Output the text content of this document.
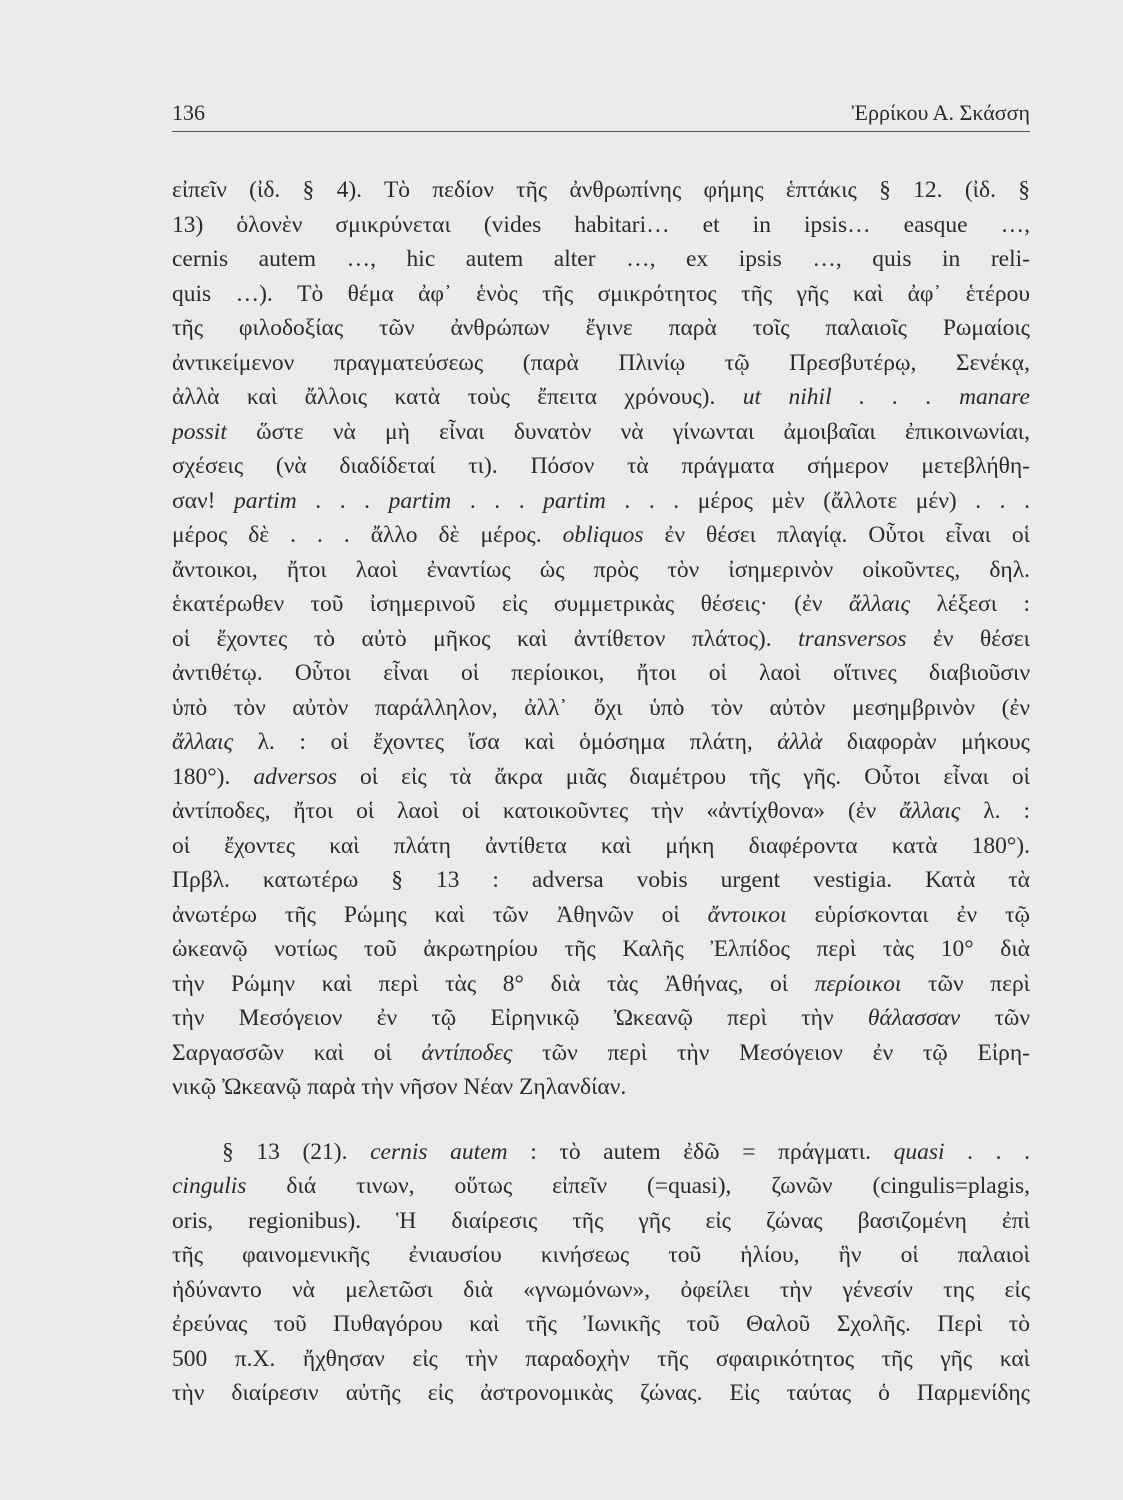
136	Ἐρρίκου Α. Σκάσση
εἰπεῖν (ἰδ. § 4). Τὸ πεδίον τῆς ἀνθρωπίνης φήμης ἑπτάκις § 12. (ἰδ. §
13) ὁλονὲν σμικρύνεται (vides habitari… et in ipsis… easque …,
cernis autem …, hic autem alter …, ex ipsis …, quis in reli-
quis …). Τὸ θέμα ἀφ᾽ ἑνὸς τῆς σμικρότητος τῆς γῆς καὶ ἀφ᾽ ἑτέρου
τῆς φιλοδοξίας τῶν ἀνθρώπων ἔγινε παρὰ τοῖς παλαιοῖς Ρωμαίοις
ἀντικείμενον πραγματεύσεως (παρὰ Πλινίῳ τῷ Πρεσβυτέρῳ, Σενέκᾳ,
ἀλλὰ καὶ ἄλλοις κατὰ τοὺς ἔπειτα χρόνους). ut nihil . . . manare
possit ὥστε νὰ μὴ εἶναι δυνατὸν νὰ γίνωνται ἀμοιβαῖαι ἐπικοινωνίαι,
σχέσεις (νὰ διαδίδεταί τι). Πόσον τὰ πράγματα σήμερον μετεβλήθη-
σαν! partim . . . partim . . . partim . . . μέρος μὲν (ἄλλοτε μέν) . . .
μέρος δὲ . . . ἄλλο δὲ μέρος. obliquos ἐν θέσει πλαγίᾳ. Οὗτοι εἶναι οἱ
ἄντοικοι, ἤτοι λαοὶ ἐναντίως ὡς πρὸς τὸν ἰσημερινὸν οἰκοῦντες, δηλ.
ἑκατέρωθεν τοῦ ἰσημερινοῦ εἰς συμμετρικὰς θέσεις· (ἐν ἄλλαις λέξεσι :
οἱ ἔχοντες τὸ αὐτὸ μῆκος καὶ ἀντίθετον πλάτος). transversos ἐν θέσει
ἀντιθέτῳ. Οὗτοι εἶναι οἱ περίοικοι, ἤτοι οἱ λαοὶ οἵτινες διαβιοῦσιν
ὑπὸ τὸν αὐτὸν παράλληλον, ἀλλ᾽ ὄχι ὑπὸ τὸν αὐτὸν μεσημβρινὸν (ἐν
ἄλλαις λ. : οἱ ἔχοντες ἴσα καὶ ὁμόσημα πλάτη, ἀλλὰ διαφορὰν μήκους
180°). adversos οἱ εἰς τὰ ἄκρα μιᾶς διαμέτρου τῆς γῆς. Οὗτοι εἶναι οἱ
ἀντίποδες, ἤτοι οἱ λαοὶ οἱ κατοικοῦντες τὴν «ἀντίχθονα» (ἐν ἄλλαις λ. :
οἱ ἔχοντες καὶ πλάτη ἀντίθετα καὶ μήκη διαφέροντα κατὰ 180°).
Πρβλ. κατωτέρω § 13 : adversa vobis urgent vestigia. Κατὰ τὰ
ἀνωτέρω τῆς Ρώμης καὶ τῶν Ἀθηνῶν οἱ ἄντοικοι εὑρίσκονται ἐν τῷ
ὠκεανῷ νοτίως τοῦ ἀκρωτηρίου τῆς Καλῆς Ἐλπίδος περὶ τὰς 10° διὰ
τὴν Ρώμην καὶ περὶ τὰς 8° διὰ τὰς Ἀθήνας, οἱ περίοικοι τῶν περὶ
τὴν Μεσόγειον ἐν τῷ Εἰρηνικῷ Ὠκεανῷ περὶ τὴν θάλασσαν τῶν
Σαργασσῶν καὶ οἱ ἀντίποδες τῶν περὶ τὴν Μεσόγειον ἐν τῷ Εἰρη-
νικῷ Ὠκεανῷ παρὰ τὴν νῆσον Νέαν Ζηλανδίαν.
§ 13 (21). cernis autem : τὸ autem ἐδῶ = πράγματι. quasi . . .
cingulis διά τινων, οὕτως εἰπεῖν (=quasi), ζωνῶν (cingulis=plagis,
oris, regionibus). Ἡ διαίρεσις τῆς γῆς εἰς ζώνας βασιζομένη ἐπὶ
τῆς φαινομενικῆς ἐνιαυσίου κινήσεως τοῦ ἡλίου, ἣν οἱ παλαιοὶ
ἠδύναντο νὰ μελετῶσι διὰ «γνωμόνων», ὀφείλει τὴν γένεσίν της εἰς
ἐρεύνας τοῦ Πυθαγόρου καὶ τῆς Ἰωνικῆς τοῦ Θαλοῦ Σχολῆς. Περὶ τὸ
500 π.Χ. ἤχθησαν εἰς τὴν παραδοχὴν τῆς σφαιρικότητος τῆς γῆς καὶ
τὴν διαίρεσιν αὐτῆς εἰς ἀστρονομικὰς ζώνας. Εἰς ταύτας ὁ Παρμενίδης
